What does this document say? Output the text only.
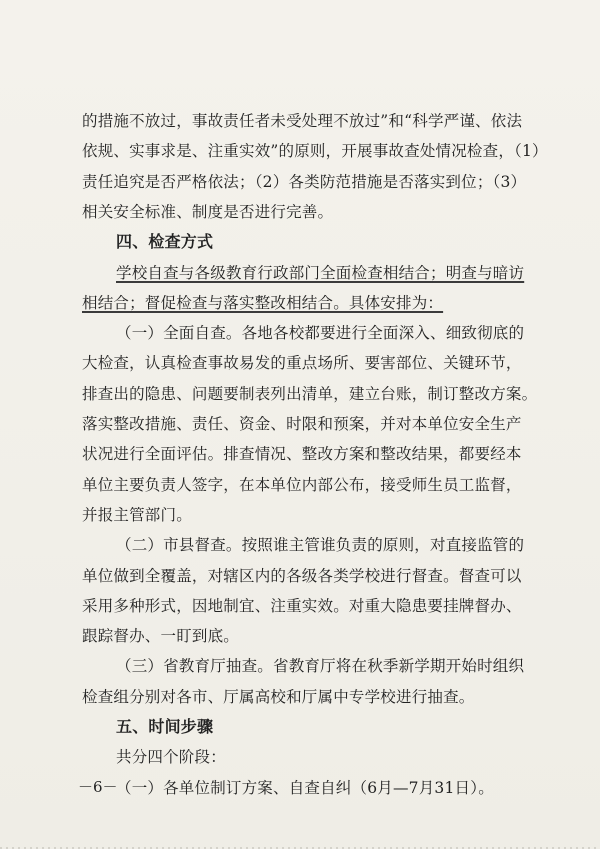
的措施不放过，事故责任者未受处理不放过”和“科学严谨、依法
依规、实事求是、注重实效”的原则，开展事故查处情况检查，（1）
责任追究是否严格依法；（2）各类防范措施是否落实到位；（3）
相关安全标准、制度是否进行完善。
四、检查方式
学校自查与各级教育行政部门全面检查相结合；明查与暗访
相结合；督促检查与落实整改相结合。具体安排为：
（一）全面自查。各地各校都要进行全面深入、细致彻底的
大检查，认真检查事故易发的重点场所、要害部位、关键环节，
排查出的隐患、问题要制表列出清单，建立台账，制订整改方案。
落实整改措施、责任、资金、时限和预案，并对本单位安全生产
状况进行全面评估。排查情况、整改方案和整改结果，都要经本
单位主要负责人签字，在本单位内部公布，接受师生员工监督，
并报主管部门。
（二）市县督查。按照谁主管谁负责的原则，对直接监管的
单位做到全覆盖，对辖区内的各级各类学校进行督查。督查可以
采用多种形式，因地制宜、注重实效。对重大隐患要挂牌督办、
跟踪督办、一盯到底。
（三）省教育厅抽查。省教育厅将在秋季新学期开始时组织
检查组分别对各市、厅属高校和厅属中专学校进行抽查。
－6－
五、时间步骤
共分四个阶段：
（一）各单位制订方案、自查自纠（6月—7月31日）。
